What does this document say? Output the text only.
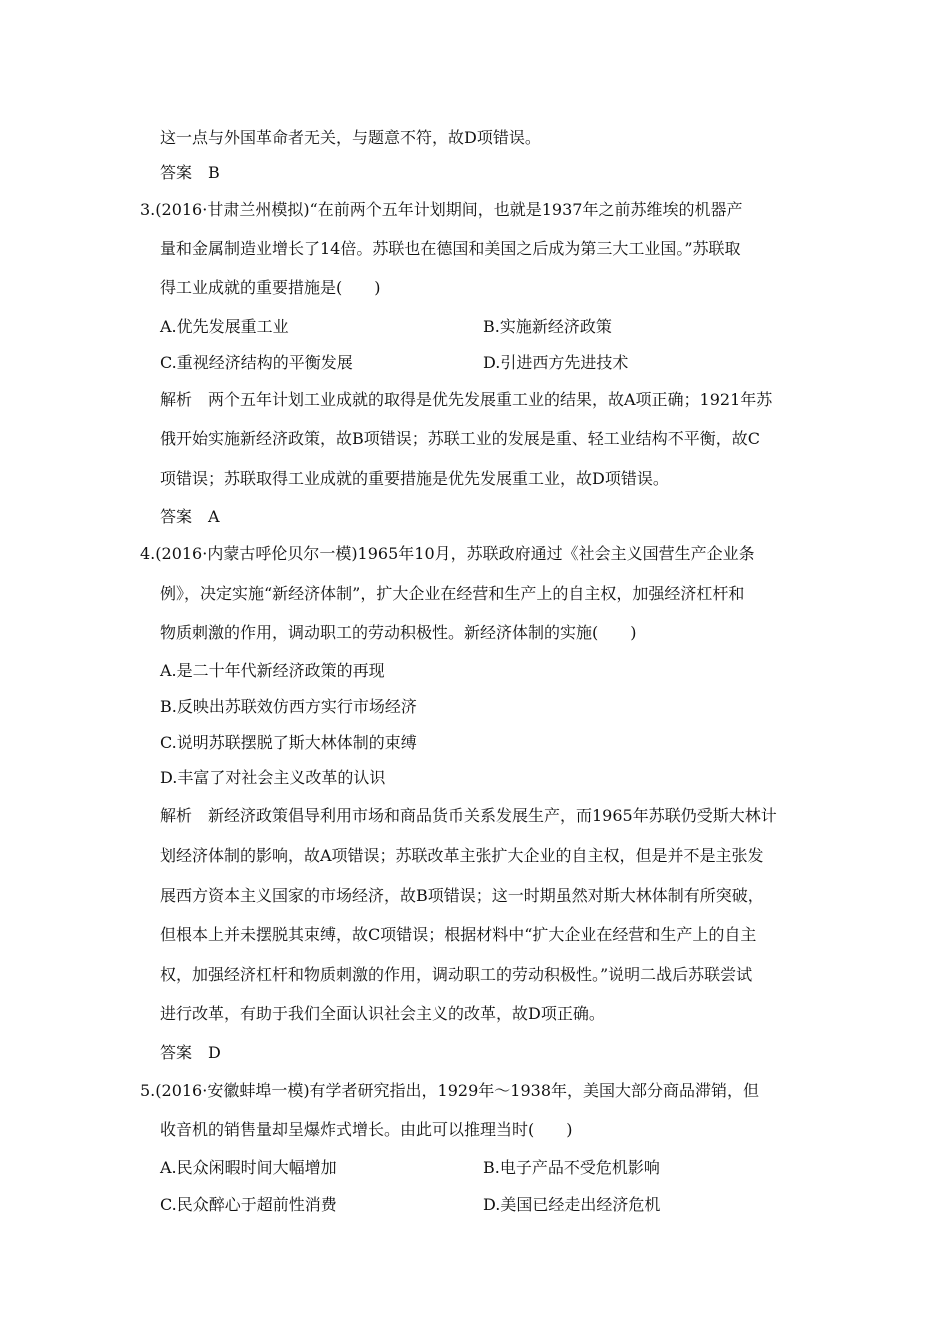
这一点与外国革命者无关，与题意不符，故D项错误。
答案　B
3.(2016·甘肃兰州模拟)“在前两个五年计划期间，也就是1937年之前苏维埃的机器产
量和金属制造业增长了14倍。苏联也在德国和美国之后成为第三大工业国。”苏联取
得工业成就的重要措施是(　　)
A.优先发展重工业	B.实施新经济政策
C.重视经济结构的平衡发展	D.引进西方先进技术
解析　两个五年计划工业成就的取得是优先发展重工业的结果，故A项正确；1921年苏
俄开始实施新经济政策，故B项错误；苏联工业的发展是重、轻工业结构不平衡，故C
项错误；苏联取得工业成就的重要措施是优先发展重工业，故D项错误。
答案　A
4.(2016·内蒙古呼伦贝尔一模)1965年10月，苏联政府通过《社会主义国营生产企业条
例》，决定实施“新经济体制”，扩大企业在经营和生产上的自主权，加强经济杠杆和
物质刺激的作用，调动职工的劳动积极性。新经济体制的实施(　　)
A.是二十年代新经济政策的再现
B.反映出苏联效仿西方实行市场经济
C.说明苏联摆脱了斯大林体制的束缚
D.丰富了对社会主义改革的认识
解析　新经济政策倡导利用市场和商品货币关系发展生产，而1965年苏联仍受斯大林计
划经济体制的影响，故A项错误；苏联改革主张扩大企业的自主权，但是并不是主张发
展西方资本主义国家的市场经济，故B项错误；这一时期虽然对斯大林体制有所突破，
但根本上并未摆脱其束缚，故C项错误；根据材料中“扩大企业在经营和生产上的自主
权，加强经济杠杆和物质刺激的作用，调动职工的劳动积极性。”说明二战后苏联尝试
进行改革，有助于我们全面认识社会主义的改革，故D项正确。
答案　D
5.(2016·安徽蚌埠一模)有学者研究指出，1929年～1938年，美国大部分商品滞销，但
收音机的销售量却呈爆炸式增长。由此可以推理当时(　　)
A.民众闲暇时间大幅增加	B.电子产品不受危机影响
C.民众醉心于超前性消费	D.美国已经走出经济危机
